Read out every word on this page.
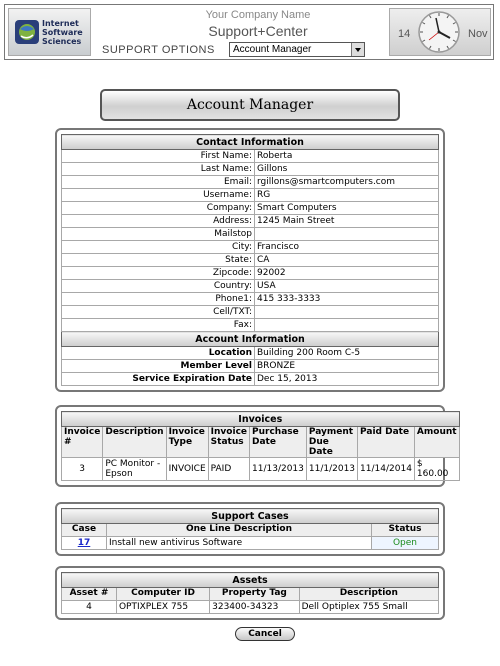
Internet
Software
Sciences
Your Company Name
Support+Center
SUPPORT OPTIONS Account Manager
14	Nov
Account Manager
Contact Information	
First Name:	Roberta
Last Name:	Gillons
Email:	rgillons@smartcomputers.com
Username:	RG
Company:	Smart Computers
Address:	1245 Main Street
Mailstop	
City:	Francisco
State:	CA
Zipcode:	92002
Country:	USA
Phone1:	415 333-3333
Cell/TXT:	
Fax:	
Account Information	
Location	Building 200 Room C-5
Member Level	BRONZE
Service Expiration Date	Dec 15, 2013
Invoices							
Invoice #	Description	Invoice Type	Invoice Status	Purchase Date	Payment Due Date	Paid Date	Amount
3	PC Monitor - Epson	INVOICE	PAID	11/13/2013	11/1/2013	11/14/2014	$ 160.00
Support Cases		
Case	One Line Description	Status
17	Install new antivirus Software	Open
Assets			
Asset #	Computer ID	Property Tag	Description
4	OPTIXPLEX 755	323400-34323	Dell Optiplex 755 Small
Cancel
